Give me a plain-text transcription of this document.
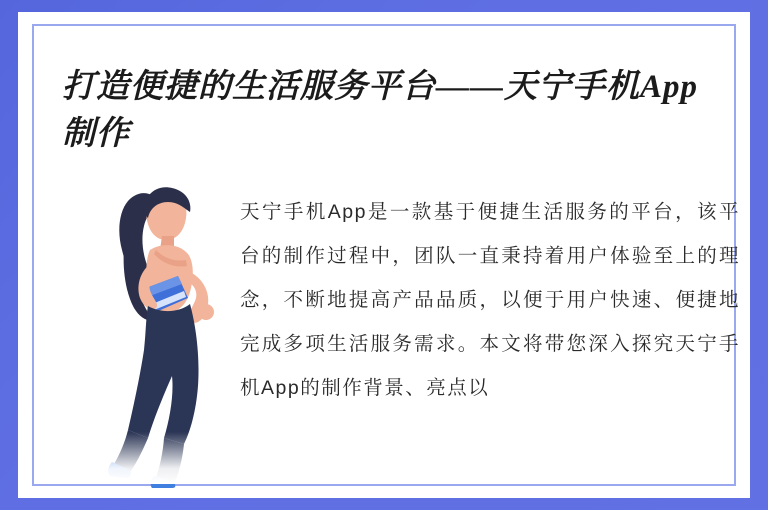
打造便捷的生活服务平台——天宁手机App制作
天宁手机App是一款基于便捷生活服务的平台，该平台的制作过程中，团队一直秉持着用户体验至上的理念，不断地提高产品品质，以便于用户快速、便捷地完成多项生活服务需求。本文将带您深入探究天宁手机App的制作背景、亮点以
